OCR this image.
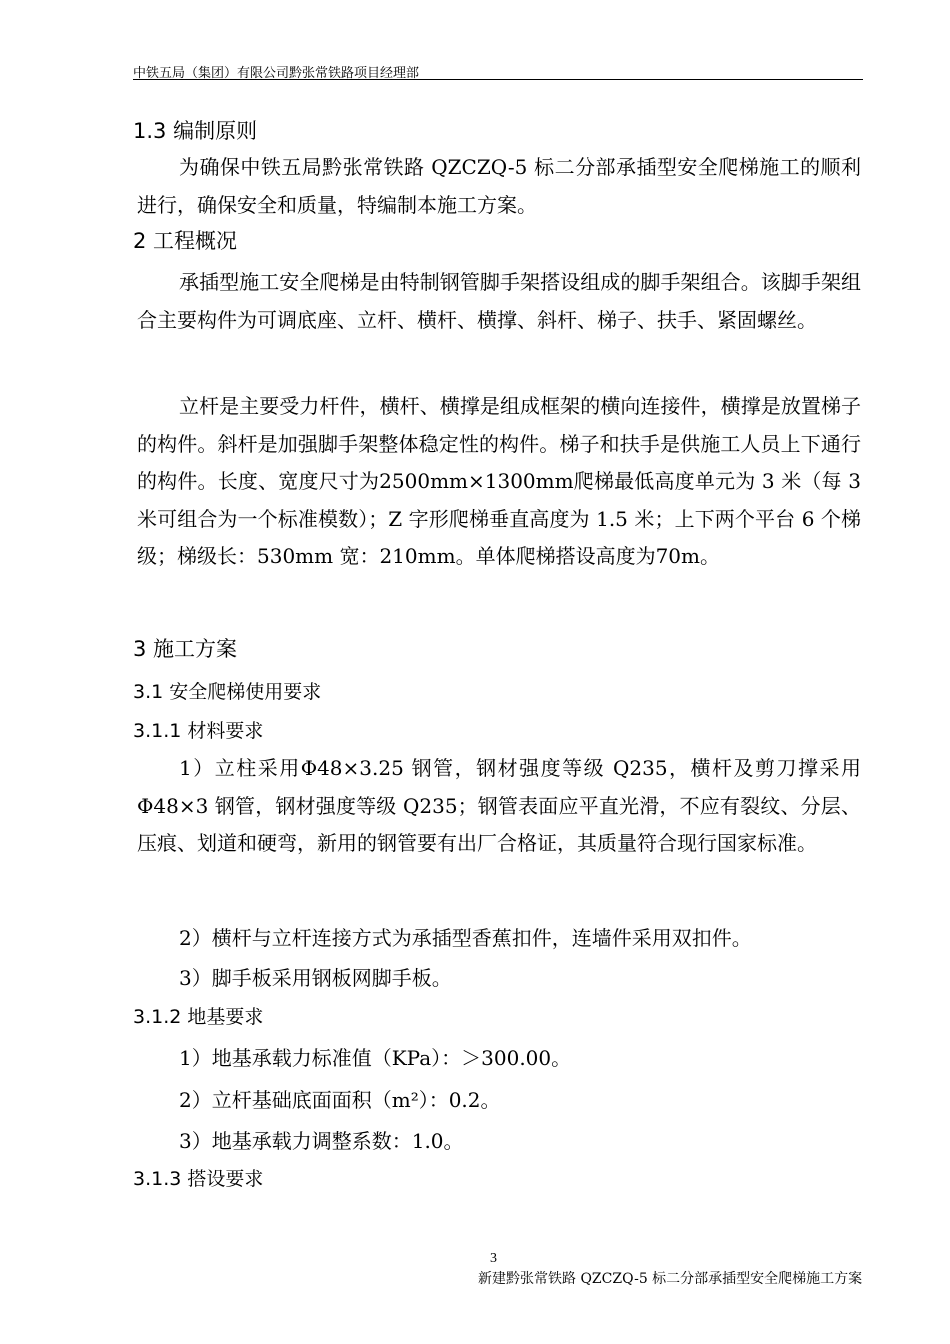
中铁五局（集团）有限公司黔张常铁路项目经理部
1.3 编制原则
为确保中铁五局黔张常铁路 QZCZQ-5 标二分部承插型安全爬梯施工的顺利进行，确保安全和质量，特编制本施工方案。
2 工程概况
承插型施工安全爬梯是由特制钢管脚手架搭设组成的脚手架组合。该脚手架组合主要构件为可调底座、立杆、横杆、横撑、斜杆、梯子、扶手、紧固螺丝。
立杆是主要受力杆件，横杆、横撑是组成框架的横向连接件，横撑是放置梯子的构件。斜杆是加强脚手架整体稳定性的构件。梯子和扶手是供施工人员上下通行的构件。长度、宽度尺寸为2500mm×1300mm爬梯最低高度单元为 3 米（每 3 米可组合为一个标准模数）；Z 字形爬梯垂直高度为 1.5 米；上下两个平台 6 个梯级；梯级长：530mm 宽：210mm。单体爬梯搭设高度为70m。
3 施工方案
3.1 安全爬梯使用要求
3.1.1 材料要求
1）立柱采用Φ48×3.25 钢管，钢材强度等级 Q235，横杆及剪刀撑采用Φ48×3 钢管，钢材强度等级 Q235；钢管表面应平直光滑，不应有裂纹、分层、压痕、划道和硬弯，新用的钢管要有出厂合格证，其质量符合现行国家标准。
2）横杆与立杆连接方式为承插型香蕉扣件，连墙件采用双扣件。
3）脚手板采用钢板网脚手板。
3.1.2 地基要求
1）地基承载力标准值（KPa）：＞300.00。
2）立杆基础底面面积（m²）：0.2。
3）地基承载力调整系数：1.0。
3.1.3 搭设要求
3
新建黔张常铁路 QZCZQ-5 标二分部承插型安全爬梯施工方案
